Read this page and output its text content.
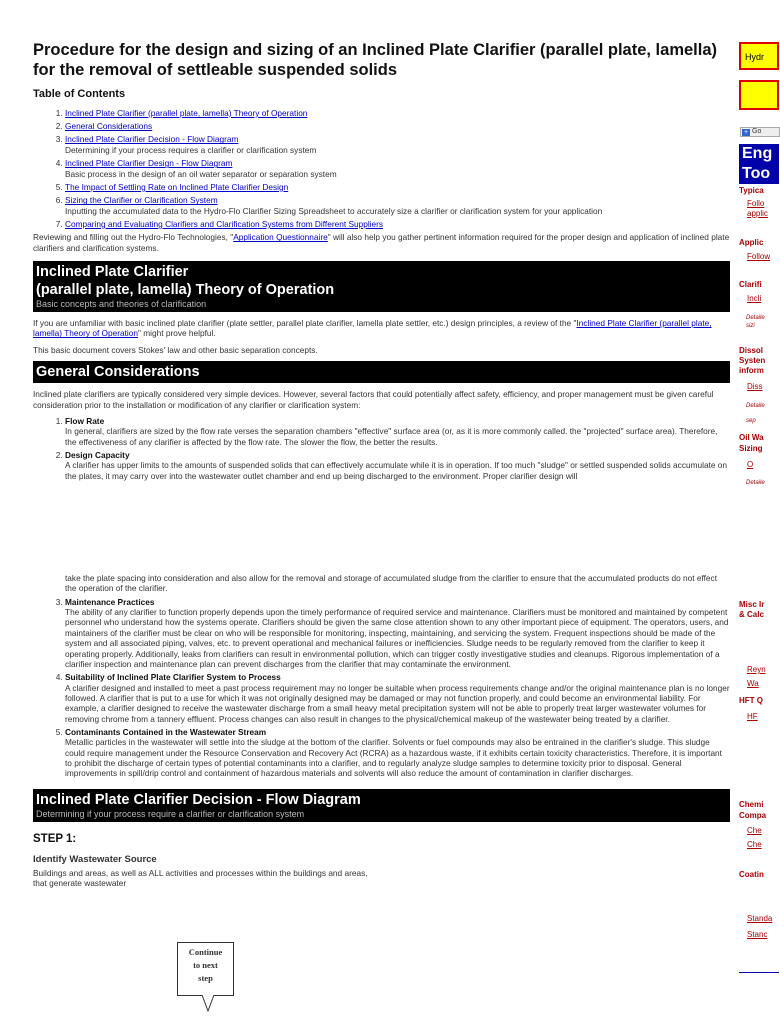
Procedure for the design and sizing of an Inclined Plate Clarifier (parallel plate, lamella) for the removal of settleable suspended solids
Table of Contents
1. Inclined Plate Clarifier (parallel plate, lamella) Theory of Operation
2. General Considerations
3. Inclined Plate Clarifier Decision - Flow Diagram
Determining if your process requires a clarifier or clarification system
4. Inclined Plate Clarifier Design - Flow Diagram
Basic process in the design of an oil water separator or separation system
5. The Impact of Settling Rate on Inclined Plate Clarifier Design
6. Sizing the Clarifier or Clarification System
Inputting the accumulated data to the Hydro-Flo Clarifier Sizing Spreadsheet to accurately size a clarifier or clarification system for your application
7. Comparing and Evaluating Clarifiers and Clarification Systems from Different Suppliers

Reviewing and filling out the Hydro-Flo Technologies, "Application Questionnaire" will also help you gather pertinent information required for the proper design and application of inclined plate clarifiers and clarification systems.

Inclined Plate Clarifier
(parallel plate, lamella) Theory of Operation
Basic concepts and theories of clarification

If you are unfamiliar with basic inclined plate clarifier (plate settler, parallel plate clarifier, lamella plate settler, etc.) design principles, a review of the "Inclined Plate Clarifier (parallel plate, lamella) Theory of Operation" might prove helpful.

This basic document covers Stokes' law and other basic separation concepts.

General Considerations

Inclined plate clarifiers are typically considered very simple devices. However, several factors that could potentially affect safety, efficiency, and proper management must be given careful consideration prior to the installation or modification of any clarifier or clarification system:

1. Flow Rate
In general, clarifiers are sized by the flow rate verses the separation chambers "effective" surface area (or, as it is more commonly called. the "projected" surface area). Therefore, the effectiveness of any clarifier is affected by the flow rate. The slower the flow, the better the results.
2. Design Capacity
A clarifier has upper limits to the amounts of suspended solids that can effectively accumulate while it is in operation. If too much "sludge" or settled suspended solids accumulate on the plates, it may carry over into the wastewater outlet chamber and end up being discharged to the environment. Proper clarifier design will
take the plate spacing into consideration and also allow for the removal and storage of accumulated sludge from the clarifier to ensure that the accumulated products do not effect the operation of the clarifier.
3. Maintenance Practices
The ability of any clarifier to function properly depends upon the timely performance of required service and maintenance. Clarifiers must be monitored and maintained by competent personnel who understand how the systems operate. Clarifiers should be given the same close attention shown to any other important piece of equipment. The operators, users, and maintainers of the clarifier must be clear on who will be responsible for monitoring, inspecting, maintaining, and servicing the system. Frequent inspections should be made of the system and all associated piping, valves, etc. to prevent operational and mechanical failures or inefficiencies. Sludge needs to be regularly removed from the clarifier to keep it operating properly. Additionally, leaks from clarifiers can result in environmental pollution, which can trigger costly investigative studies and cleanups. Rigorous implementation of a clarifier inspection and maintenance plan can prevent discharges from the clarifier that may contaminate the environment.
4. Suitability of Inclined Plate Clarifier System to Process
A clarifier designed and installed to meet a past process requirement may no longer be suitable when process requirements change and/or the original maintenance plan is no longer followed. A clarifier that is put to a use for which it was not originally designed may be damaged or may not function properly, and could become an environmental liability. For example, a clarifier designed to receive the wastewater discharge from a small heavy metal precipitation system will not be able to properly treat larger wastewater volumes for removing chrome from a tannery effluent. Process changes can also result in changes to the physical/chemical makeup of the wastewater being treated by a clarifier.
5. Contaminants Contained in the Wastewater Stream
Metallic particles in the wastewater will settle into the sludge at the bottom of the clarifier. Solvents or fuel compounds may also be entrained in the clarifier's sludge. This sludge could require management under the Resource Conservation and Recovery Act (RCRA) as a hazardous waste, if it exhibits certain toxicity characteristics. Therefore, it is important to prohibit the discharge of certain types of potential contaminants into a clarifier, and to regularly analyze sludge samples to determine toxicity prior to disposal. General improvements in spill/drip control and containment of hazardous materials and solvents will also reduce the amount of contamination in clarifier discharges.
Inclined Plate Clarifier Decision - Flow Diagram
Determining if your process require a clarifier or clarification system
STEP 1:
Identify Wastewater Source

Buildings and areas, as well as ALL activities and processes within the buildings and areas, that generate wastewater

Continue
to next
step
Hydr
+ Go
Eng
Too
Typica
Follo
applic
Applic
Follow
Clarifi
Incli
Detaile
sizi
Dissol
Systen
inform
Diss
Detaile
sep
Oil Wa
Sizing
O
Detaile
Misc Ir
& Calc
Reyn
Wa
HFT Q
HF
Chemi
Compa
Che
Che
Coatin
Standa
Stanc
